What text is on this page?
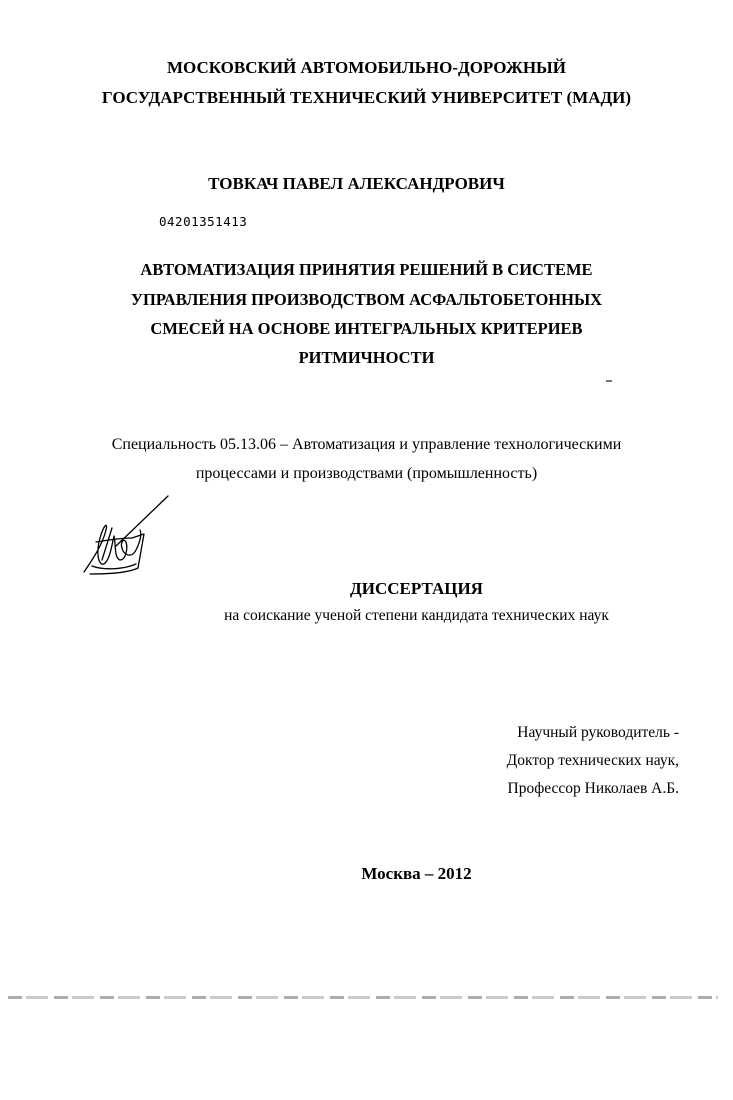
МОСКОВСКИЙ АВТОМОБИЛЬНО-ДОРОЖНЫЙ
ГОСУДАРСТВЕННЫЙ ТЕХНИЧЕСКИЙ УНИВЕРСИТЕТ (МАДИ)
ТОВКАЧ ПАВЕЛ АЛЕКСАНДРОВИЧ
04201351413
АВТОМАТИЗАЦИЯ ПРИНЯТИЯ РЕШЕНИЙ В СИСТЕМЕ
УПРАВЛЕНИЯ ПРОИЗВОДСТВОМ АСФАЛЬТОБЕТОННЫХ
СМЕСЕЙ НА ОСНОВЕ ИНТЕГРАЛЬНЫХ КРИТЕРИЕВ
РИТМИЧНОСТИ
Специальность 05.13.06 – Автоматизация и управление технологическими
процессами и производствами (промышленность)
ДИССЕРТАЦИЯ
на соискание ученой степени кандидата технических наук
Научный руководитель -
Доктор технических наук,
Профессор Николаев А.Б.
Москва – 2012
